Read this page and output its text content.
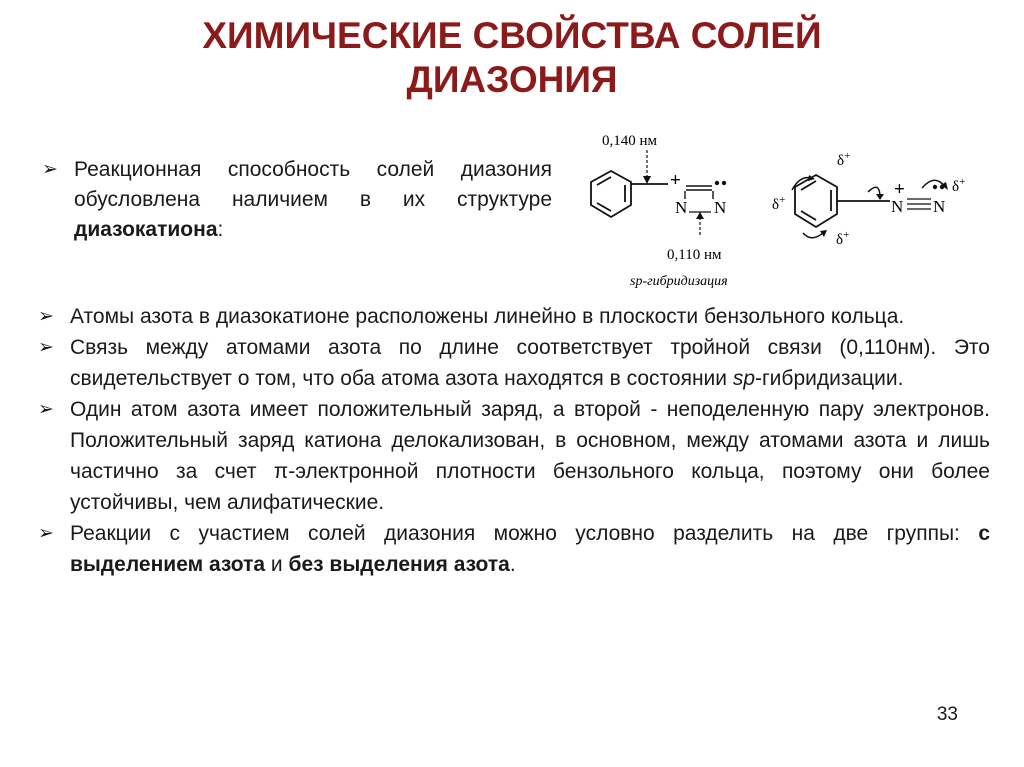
ХИМИЧЕСКИЕ СВОЙСТВА СОЛЕЙ
ДИАЗОНИЯ
➢ Реакционная способность солей диазония обусловлена наличием в их структуре диазокатиона:
0,140 нм
+
N N
0,110 нм
sp-гибридизация
δ+
δ+
δ+
δ+
+
N N
➢ Атомы азота в диазокатионе расположены линейно в плоскости бензольного кольца.
➢ Связь между атомами азота по длине соответствует тройной связи (0,110нм). Это свидетельствует о том, что оба атома азота находятся в состоянии sp-гибридизации.
➢ Один атом азота имеет положительный заряд, а второй - неподеленную пару электронов. Положительный заряд катиона делокализован, в основном, между атомами азота и лишь частично за счет π-электронной плотности бензольного кольца, поэтому они более устойчивы, чем алифатические.
➢ Реакции с участием солей диазония можно условно разделить на две группы: с выделением азота и без выделения азота.
33
